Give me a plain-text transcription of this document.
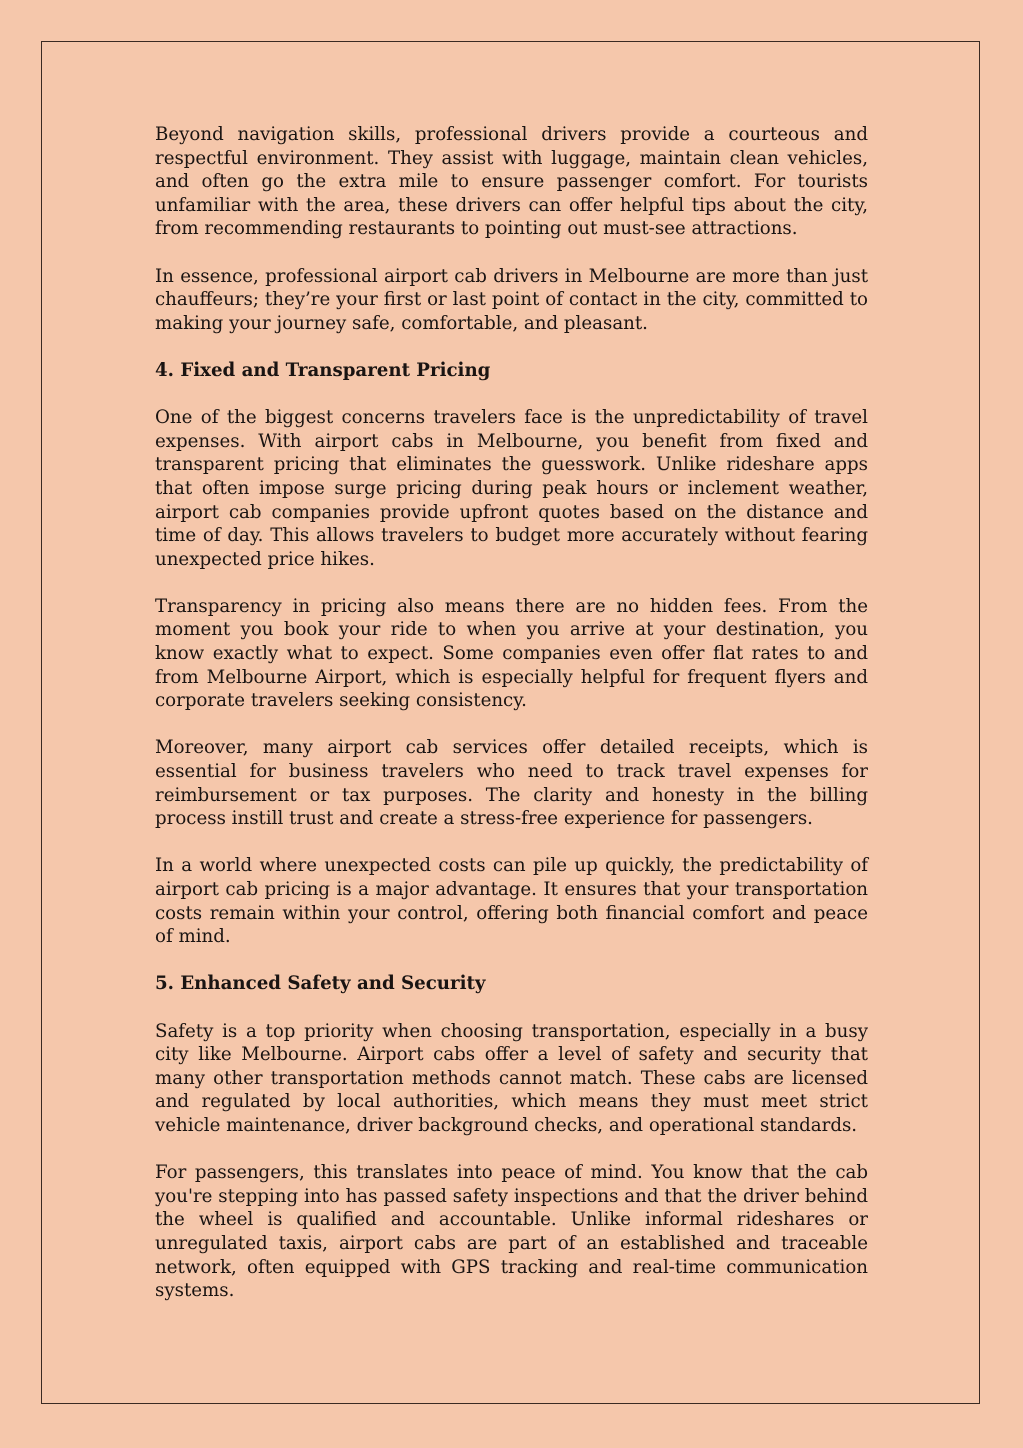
Beyond navigation skills, professional drivers provide a courteous and respectful environment. They assist with luggage, maintain clean vehicles, and often go the extra mile to ensure passenger comfort. For tourists unfamiliar with the area, these drivers can offer helpful tips about the city, from recommending restaurants to pointing out must-see attractions.

In essence, professional airport cab drivers in Melbourne are more than just chauffeurs; they’re your first or last point of contact in the city, committed to making your journey safe, comfortable, and pleasant.

4. Fixed and Transparent Pricing

One of the biggest concerns travelers face is the unpredictability of travel expenses. With airport cabs in Melbourne, you benefit from fixed and transparent pricing that eliminates the guesswork. Unlike rideshare apps that often impose surge pricing during peak hours or inclement weather, airport cab companies provide upfront quotes based on the distance and time of day. This allows travelers to budget more accurately without fearing unexpected price hikes.

Transparency in pricing also means there are no hidden fees. From the moment you book your ride to when you arrive at your destination, you know exactly what to expect. Some companies even offer flat rates to and from Melbourne Airport, which is especially helpful for frequent flyers and corporate travelers seeking consistency.

Moreover, many airport cab services offer detailed receipts, which is essential for business travelers who need to track travel expenses for reimbursement or tax purposes. The clarity and honesty in the billing process instill trust and create a stress-free experience for passengers.

In a world where unexpected costs can pile up quickly, the predictability of airport cab pricing is a major advantage. It ensures that your transportation costs remain within your control, offering both financial comfort and peace of mind.

5. Enhanced Safety and Security

Safety is a top priority when choosing transportation, especially in a busy city like Melbourne. Airport cabs offer a level of safety and security that many other transportation methods cannot match. These cabs are licensed and regulated by local authorities, which means they must meet strict vehicle maintenance, driver background checks, and operational standards.

For passengers, this translates into peace of mind. You know that the cab you're stepping into has passed safety inspections and that the driver behind the wheel is qualified and accountable. Unlike informal rideshares or unregulated taxis, airport cabs are part of an established and traceable network, often equipped with GPS tracking and real-time communication systems.
